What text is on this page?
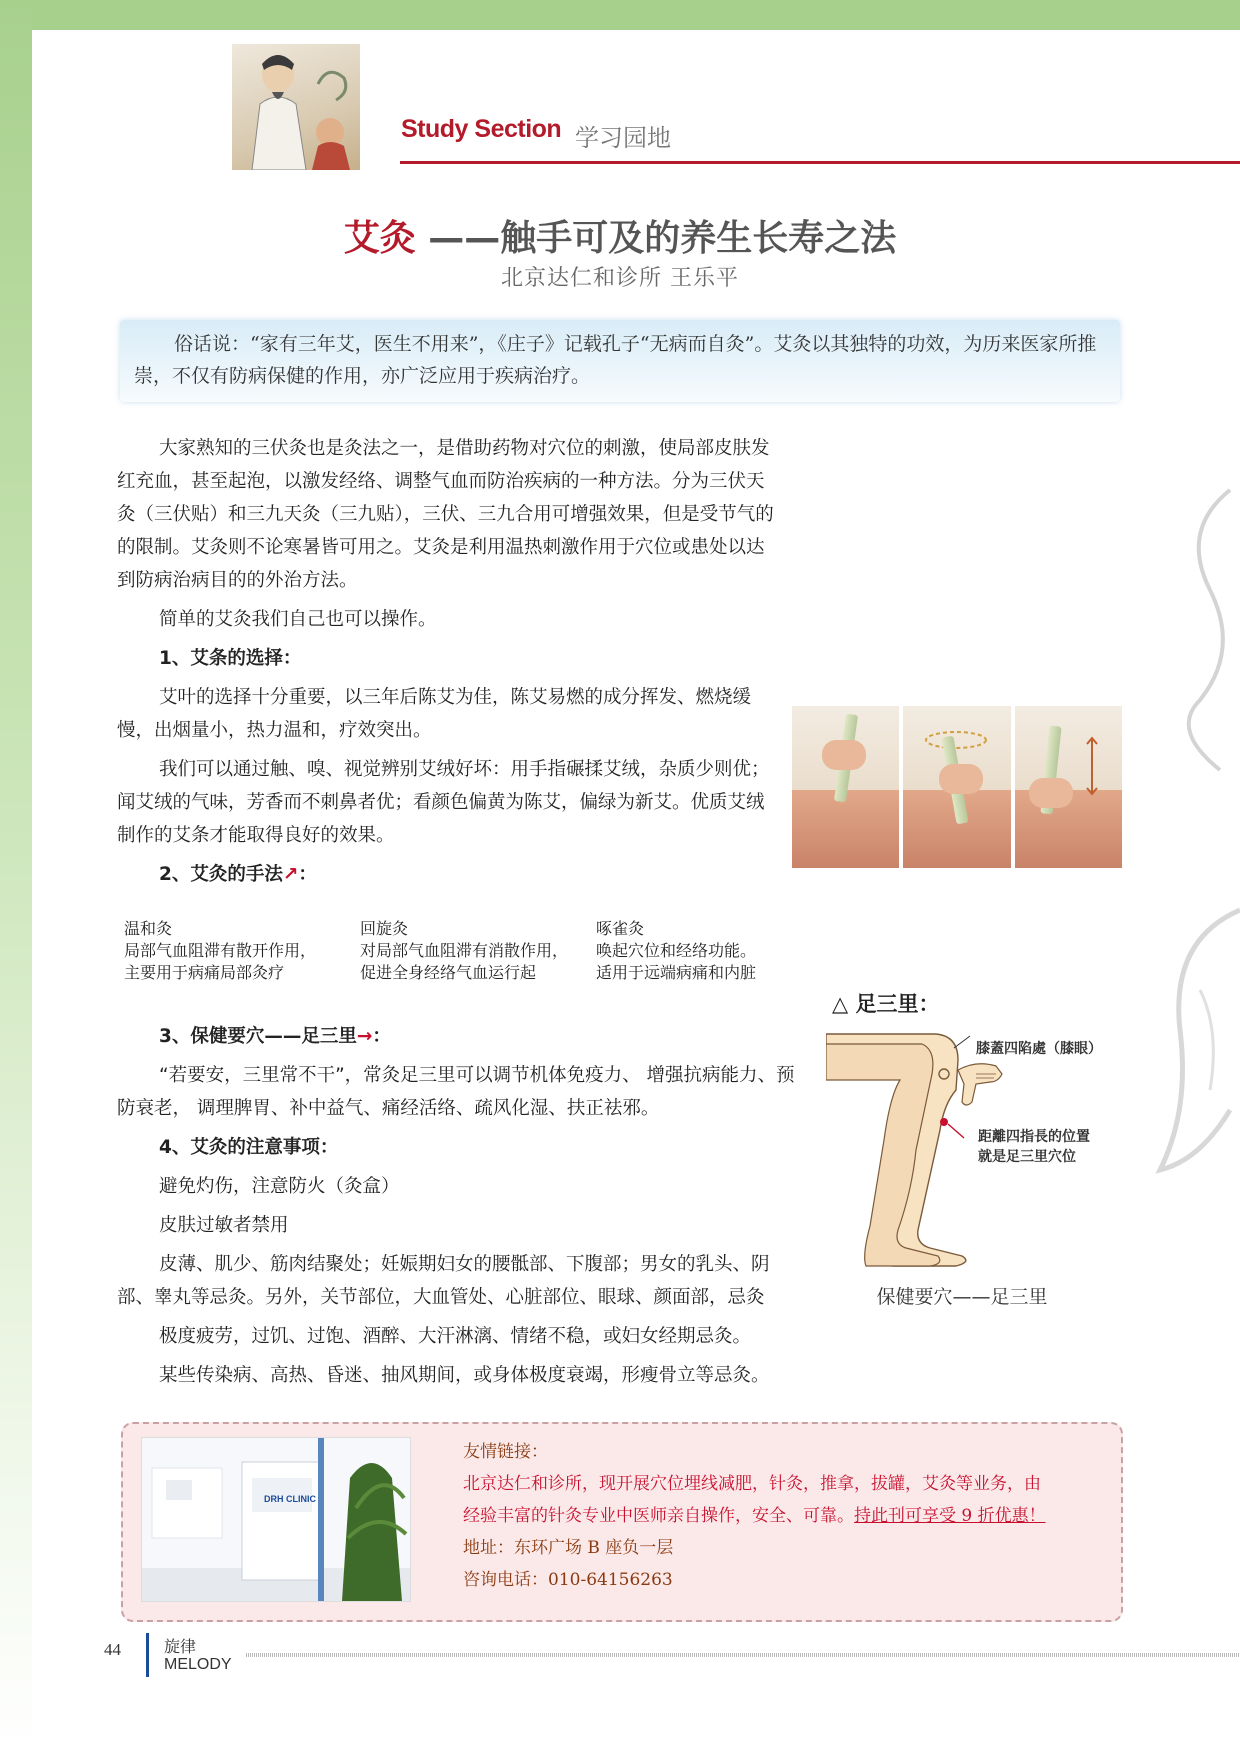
Study Section 学习园地
艾灸 ——触手可及的养生长寿之法
北京达仁和诊所 王乐平

俗话说：“家有三年艾，医生不用来”，《庄子》记载孔子“无病而自灸”。艾灸以其独特的功效，为历来医家所推崇，不仅有防病保健的作用，亦广泛应用于疾病治疗。

大家熟知的三伏灸也是灸法之一，是借助药物对穴位的刺激，使局部皮肤发红充血，甚至起泡，以激发经络、调整气血而防治疾病的一种方法。分为三伏天灸（三伏贴）和三九天灸（三九贴），三伏、三九合用可增强效果，但是受节气的的限制。艾灸则不论寒暑皆可用之。艾灸是利用温热刺激作用于穴位或患处以达到防病治病目的的外治方法。

简单的艾灸我们自己也可以操作。

1、艾条的选择：

艾叶的选择十分重要，以三年后陈艾为佳，陈艾易燃的成分挥发、燃烧缓慢，出烟量小，热力温和，疗效突出。

我们可以通过触、嗅、视觉辨别艾绒好坏：用手指碾揉艾绒，杂质少则优；闻艾绒的气味，芳香而不刺鼻者优；看颜色偏黄为陈艾，偏绿为新艾。优质艾绒制作的艾条才能取得良好的效果。

2、艾灸的手法↗：
温和灸
局部气血阻滞有散开作用，
主要用于病痛局部灸疗
回旋灸
对局部气血阻滞有消散作用，
促进全身经络气血运行起
啄雀灸
唤起穴位和经络功能。
适用于远端病痛和内脏
3、保健要穴——足三里→：

“若要安，三里常不干”，常灸足三里可以调节机体免疫力、 增强抗病能力、预防衰老， 调理脾胃、补中益气、痛经活络、疏风化湿、扶正祛邪。

4、艾灸的注意事项：

避免灼伤，注意防火（灸盒）

皮肤过敏者禁用

皮薄、肌少、筋肉结聚处；妊娠期妇女的腰骶部、下腹部；男女的乳头、阴部、睾丸等忌灸。另外，关节部位，大血管处、心脏部位、眼球、颜面部，忌灸

极度疲劳，过饥、过饱、酒醉、大汗淋漓、情绪不稳，或妇女经期忌灸。

某些传染病、高热、昏迷、抽风期间，或身体极度衰竭，形瘦骨立等忌灸。

△ 足三里：
膝蓋四陷處（膝眼）
距離四指長的位置
就是足三里穴位
保健要穴——足三里
DRH CLINIC
友情链接：
北京达仁和诊所，现开展穴位埋线减肥，针灸，推拿，拔罐，艾灸等业务，由
经验丰富的针灸专业中医师亲自操作，安全、可靠。持此刊可享受 9 折优惠！
地址：东环广场 B 座负一层
咨询电话：010-64156263
44	旋律
MELODY
